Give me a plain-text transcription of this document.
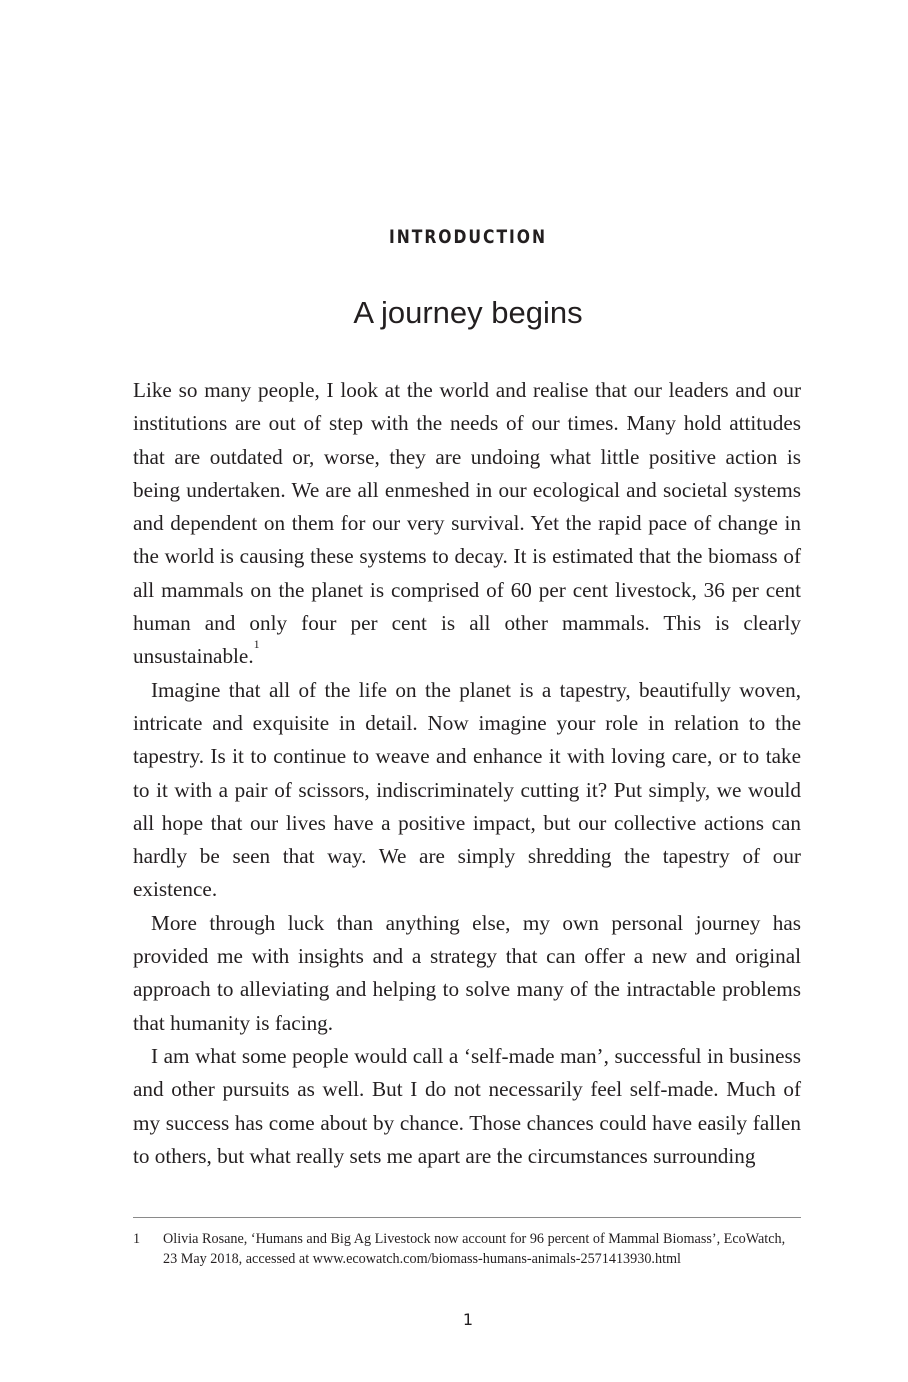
INTRODUCTION
A journey begins

Like so many people, I look at the world and realise that our leaders and our institutions are out of step with the needs of our times. Many hold attitudes that are outdated or, worse, they are undoing what little positive action is being undertaken. We are all enmeshed in our ecological and societal systems and dependent on them for our very survival. Yet the rapid pace of change in the world is causing these systems to decay. It is estimated that the biomass of all mammals on the planet is comprised of 60 per cent livestock, 36 per cent human and only four per cent is all other mammals. This is clearly unsustainable.$^1$

Imagine that all of the life on the planet is a tapestry, beautifully woven, intricate and exquisite in detail. Now imagine your role in relation to the tapestry. Is it to continue to weave and enhance it with loving care, or to take to it with a pair of scissors, indiscriminately cutting it? Put simply, we would all hope that our lives have a positive impact, but our collective actions can hardly be seen that way. We are simply shredding the tapestry of our existence.

More through luck than anything else, my own personal journey has provided me with insights and a strategy that can offer a new and original approach to alleviating and helping to solve many of the intractable problems that humanity is facing.

I am what some people would call a ‘self-made man’, successful in business and other pursuits as well. But I do not necessarily feel self-made. Much of my success has come about by chance. Those chances could have easily fallen to others, but what really sets me apart are the circumstances surrounding

1 Olivia Rosane, ‘Humans and Big Ag Livestock now account for 96 percent of Mammal Biomass’, EcoWatch, 23 May 2018, accessed at www.ecowatch.com/biomass-humans-animals-2571413930.html
1
